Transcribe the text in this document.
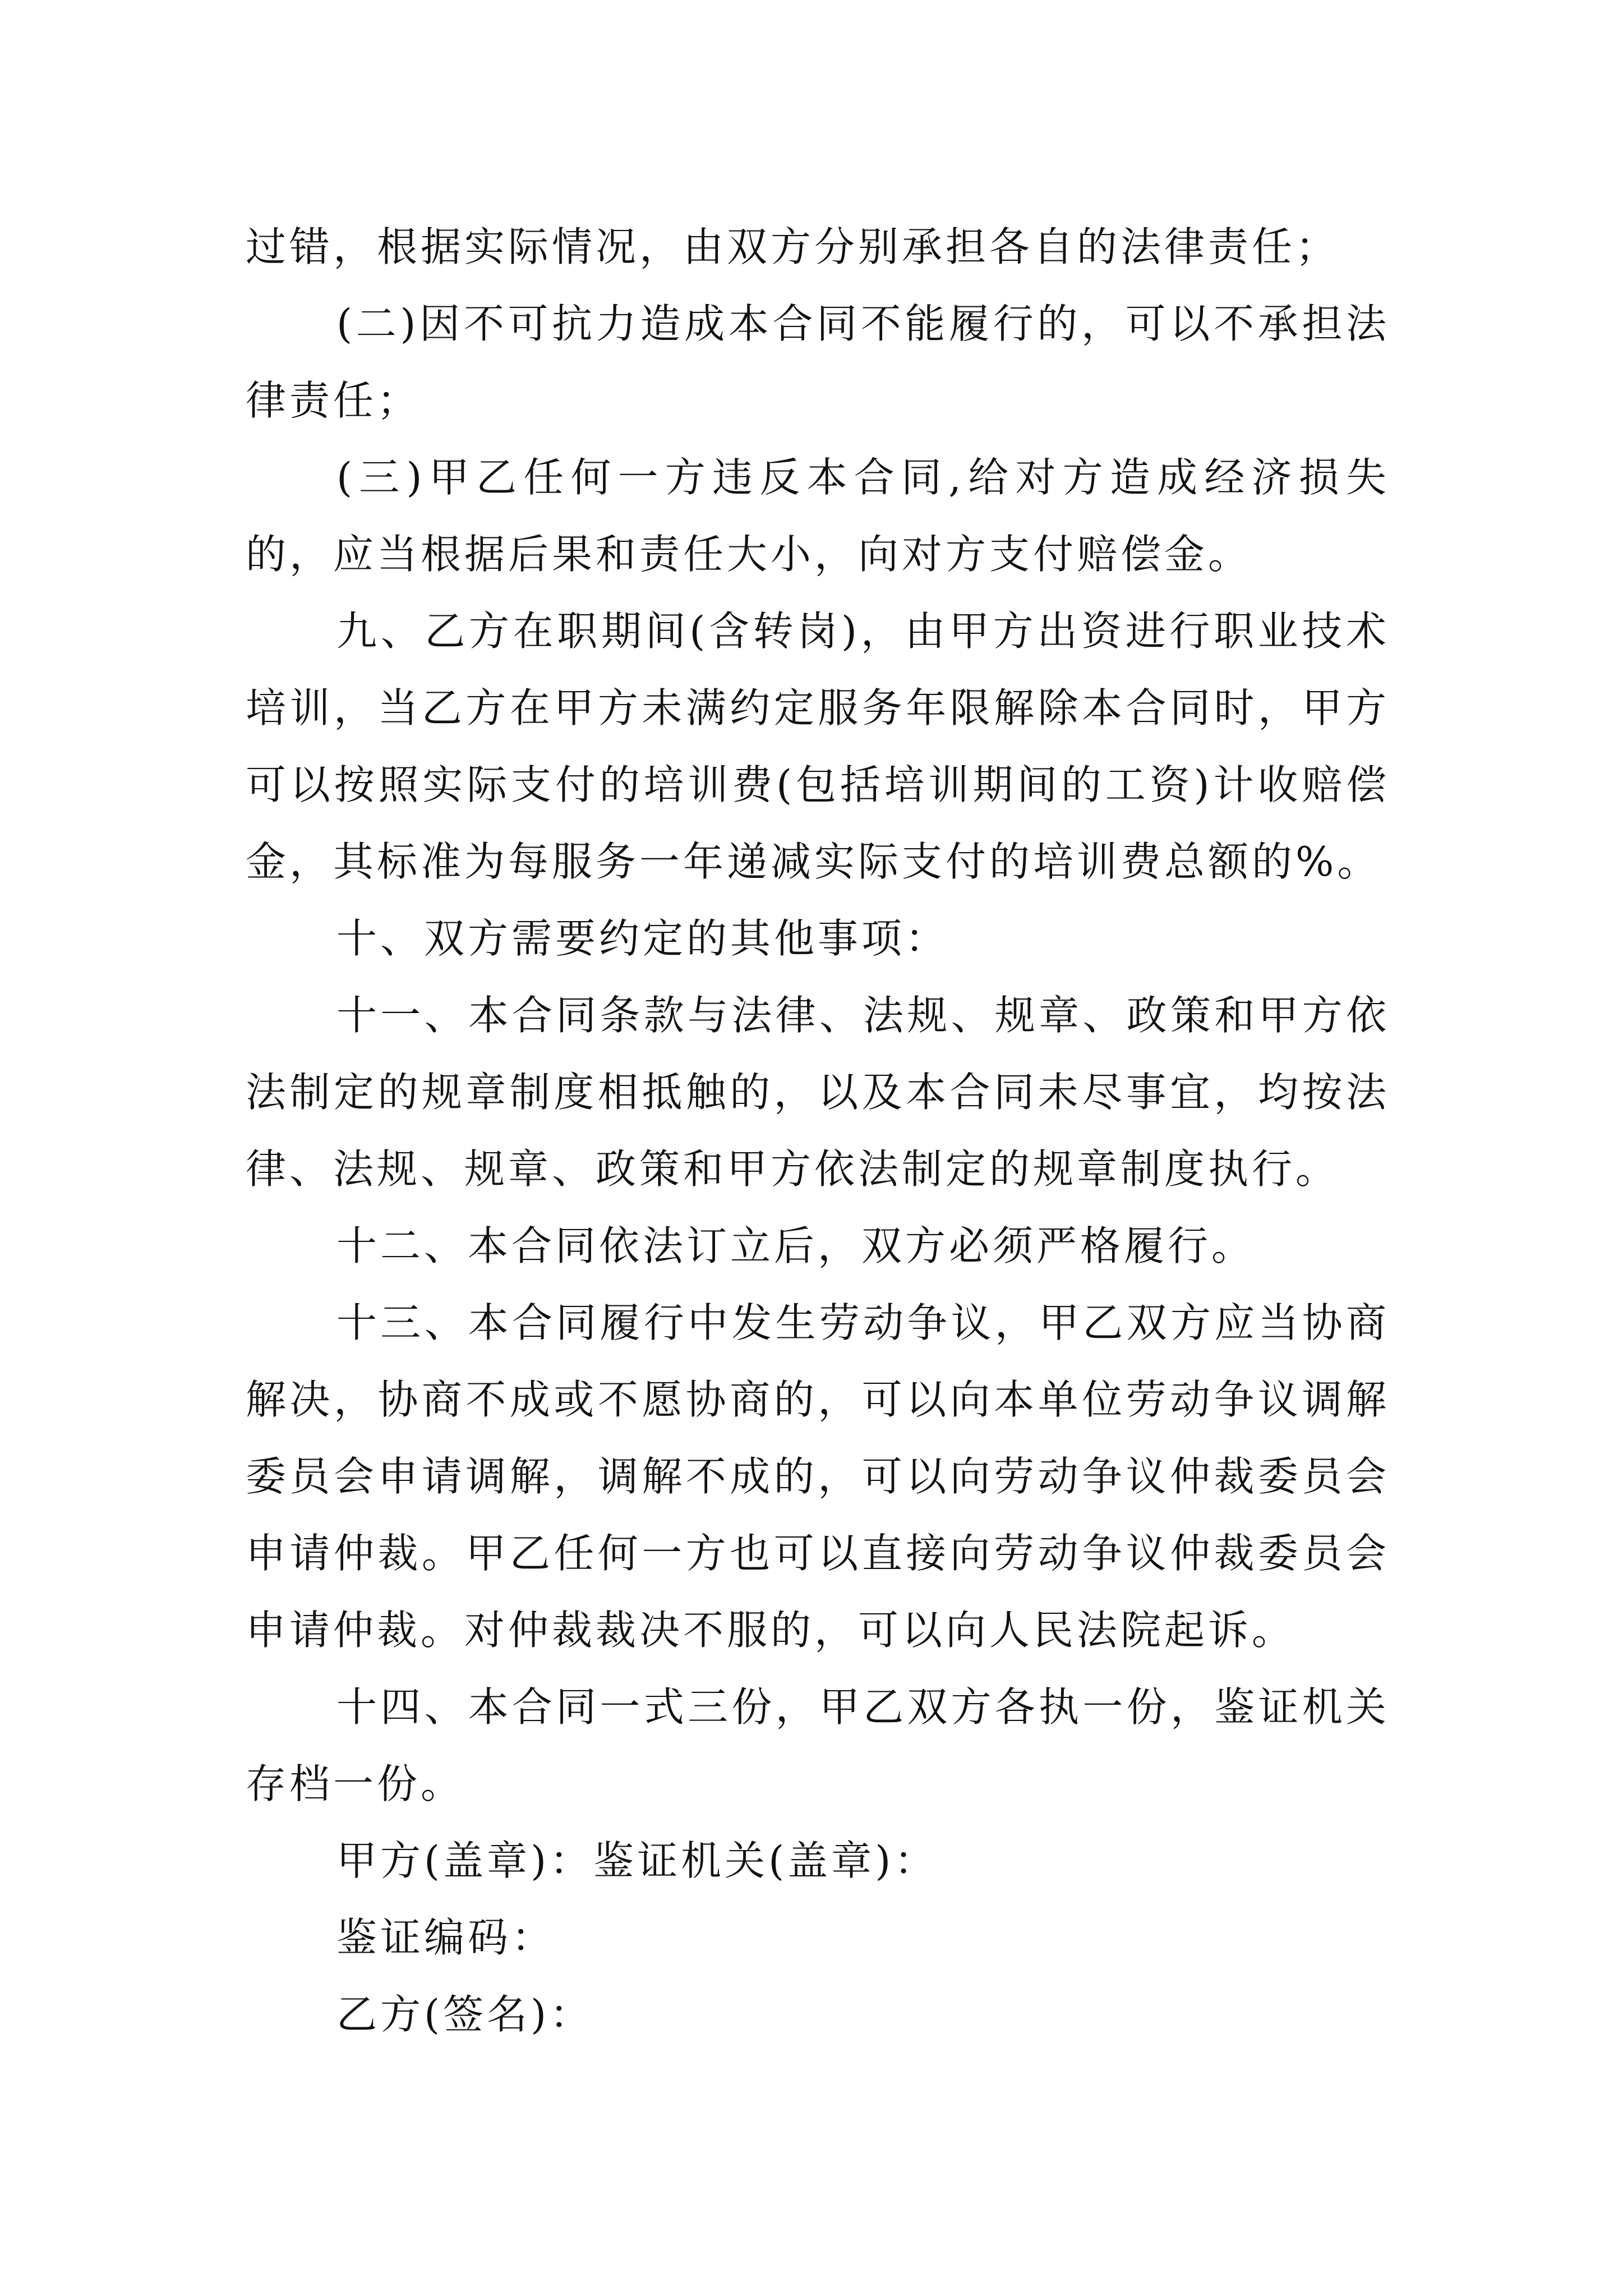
过错，根据实际情况，由双方分别承担各自的法律责任；

(二)因不可抗力造成本合同不能履行的，可以不承担法律责任；

(三)甲乙任何一方违反本合同,给对方造成经济损失的，应当根据后果和责任大小，向对方支付赔偿金。

九、乙方在职期间(含转岗)，由甲方出资进行职业技术培训，当乙方在甲方未满约定服务年限解除本合同时，甲方可以按照实际支付的培训费(包括培训期间的工资)计收赔偿金，其标准为每服务一年递减实际支付的培训费总额的%。

十、双方需要约定的其他事项：

十一、本合同条款与法律、法规、规章、政策和甲方依法制定的规章制度相抵触的，以及本合同未尽事宜，均按法律、法规、规章、政策和甲方依法制定的规章制度执行。

十二、本合同依法订立后，双方必须严格履行。

十三、本合同履行中发生劳动争议，甲乙双方应当协商解决，协商不成或不愿协商的，可以向本单位劳动争议调解委员会申请调解，调解不成的，可以向劳动争议仲裁委员会申请仲裁。甲乙任何一方也可以直接向劳动争议仲裁委员会申请仲裁。对仲裁裁决不服的，可以向人民法院起诉。

十四、本合同一式三份，甲乙双方各执一份，鉴证机关存档一份。

甲方(盖章)：鉴证机关(盖章)：

鉴证编码：

乙方(签名)：
